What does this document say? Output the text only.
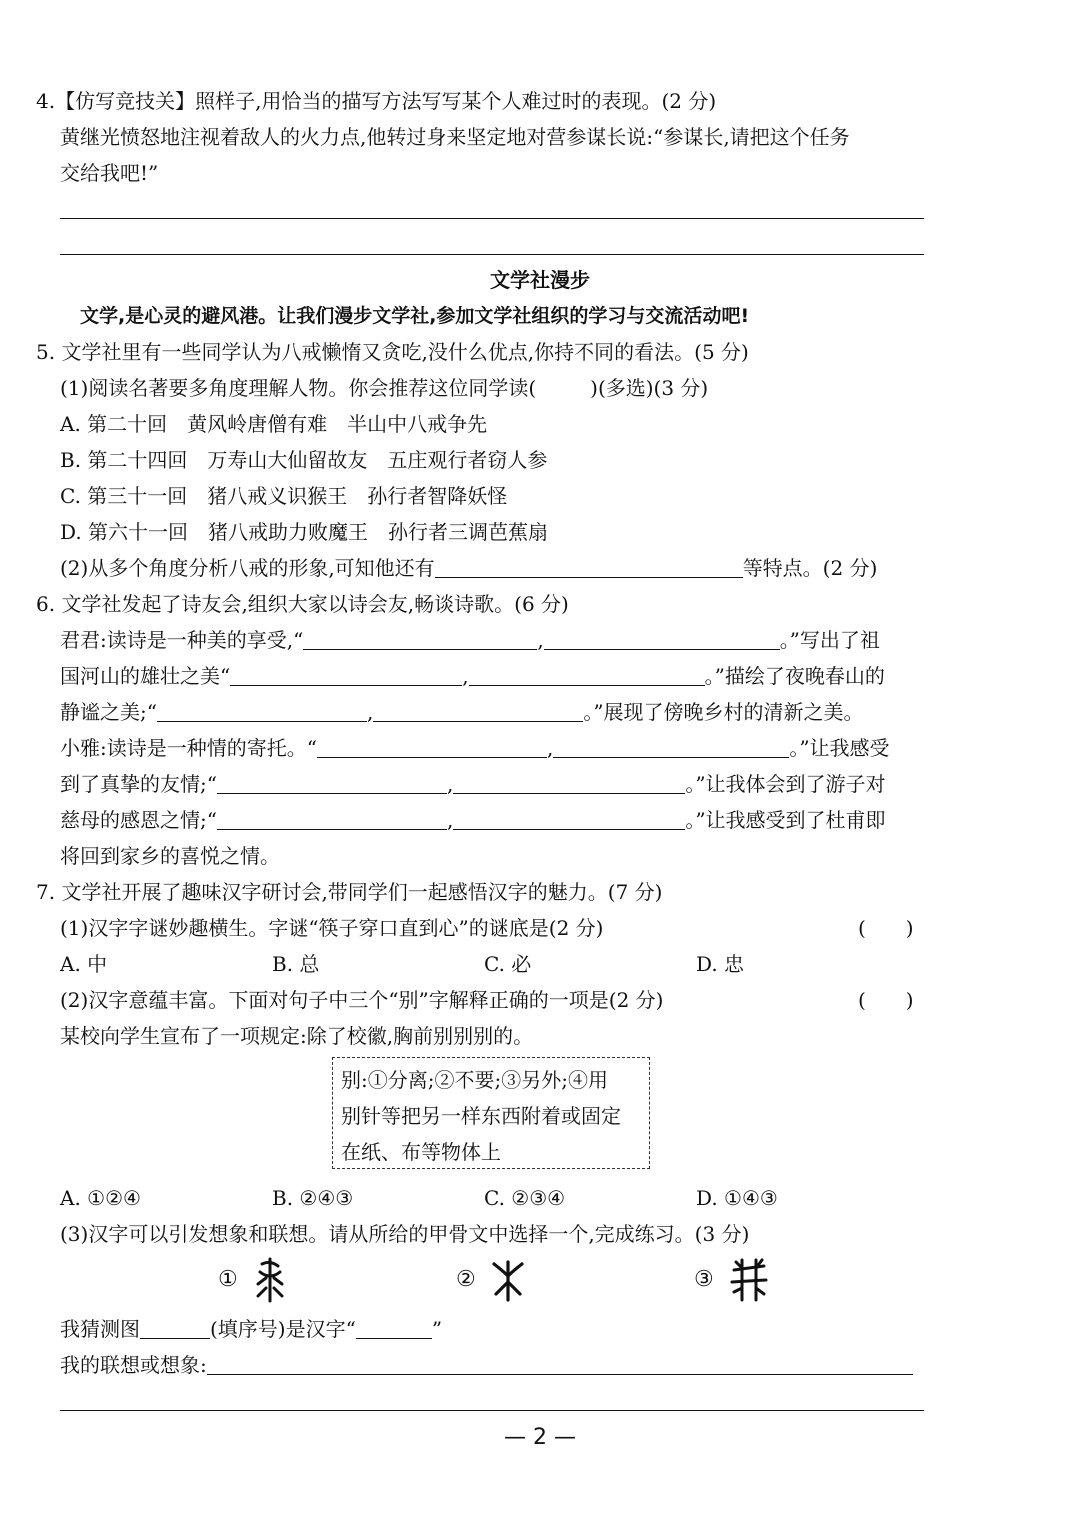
4.【仿写竞技关】照样子,用恰当的描写方法写写某个人难过时的表现。(2 分)
黄继光愤怒地注视着敌人的火力点,他转过身来坚定地对营参谋长说:“参谋长,请把这个任务
交给我吧!”
文学社漫步
文学,是心灵的避风港。让我们漫步文学社,参加文学社组织的学习与交流活动吧!
5. 文学社里有一些同学认为八戒懒惰又贪吃,没什么优点,你持不同的看法。(5 分)
(1)阅读名著要多角度理解人物。你会推荐这位同学读(	)(多选)(3 分)
A. 第二十回　黄风岭唐僧有难　半山中八戒争先
B. 第二十四回　万寿山大仙留故友　五庄观行者窃人参
C. 第三十一回　猪八戒义识猴王　孙行者智降妖怪
D. 第六十一回　猪八戒助力败魔王　孙行者三调芭蕉扇
(2)从多个角度分析八戒的形象,可知他还有	等特点。(2 分)
6. 文学社发起了诗友会,组织大家以诗会友,畅谈诗歌。(6 分)
君君:读诗是一种美的享受,“	,	。”写出了祖
国河山的雄壮之美“	,	。”描绘了夜晚春山的
静谧之美;“	,	。”展现了傍晚乡村的清新之美。
小雅:读诗是一种情的寄托。“	,	。”让我感受
到了真挚的友情;“	,	。”让我体会到了游子对
慈母的感恩之情;“	,	。”让我感受到了杜甫即
将回到家乡的喜悦之情。
7. 文学社开展了趣味汉字研讨会,带同学们一起感悟汉字的魅力。(7 分)
(1)汉字字谜妙趣横生。字谜“筷子穿口直到心”的谜底是(2 分)	(　　)
A. 中	B. 总	C. 必	D. 忠
(2)汉字意蕴丰富。下面对句子中三个“别”字解释正确的一项是(2 分)	(　　)
某校向学生宣布了一项规定:除了校徽,胸前别别别的。
别:①分离;②不要;③另外;④用
别针等把另一样东西附着或固定
在纸、布等物体上
A. ①②④	B. ②④③	C. ②③④	D. ①④③
(3)汉字可以引发想象和联想。请从所给的甲骨文中选择一个,完成练习。(3 分)
①	②	③
我猜测图	(填序号)是汉字“	”
我的联想或想象:
— 2 —
